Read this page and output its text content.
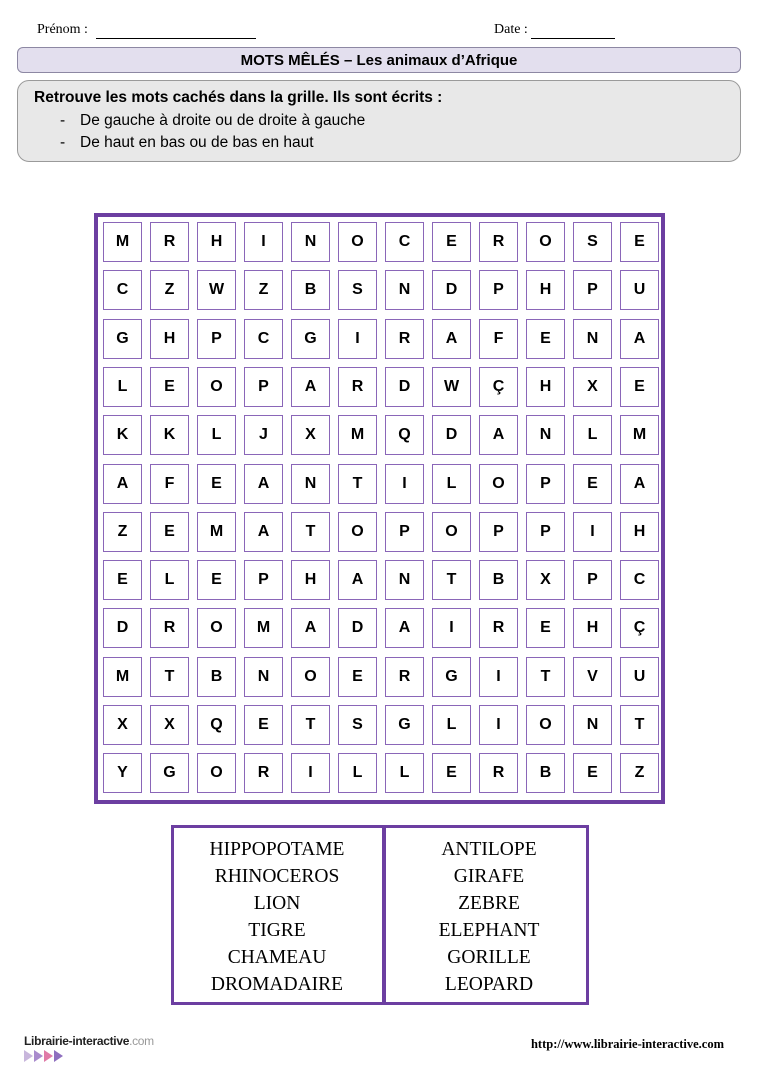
Prénom :	Date :
MOTS MÊLÉS – Les animaux d’Afrique
Retrouve les mots cachés dans la grille. Ils sont écrits :
- De gauche à droite ou de droite à gauche
- De haut en bas ou de bas en haut
M	R	H	I	N	O	C	E	R	O	S	E
C	Z	W	Z	B	S	N	D	P	H	P	U
G	H	P	C	G	I	R	A	F	E	N	A
L	E	O	P	A	R	D	W	Ç	H	X	E
K	K	L	J	X	M	Q	D	A	N	L	M
A	F	E	A	N	T	I	L	O	P	E	A
Z	E	M	A	T	O	P	O	P	P	I	H
E	L	E	P	H	A	N	T	B	X	P	C
D	R	O	M	A	D	A	I	R	E	H	Ç
M	T	B	N	O	E	R	G	I	T	V	U
X	X	Q	E	T	S	G	L	I	O	N	T
Y	G	O	R	I	L	L	E	R	B	E	Z
HIPPOPOTAME
RHINOCEROS
LION
TIGRE
CHAMEAU
DROMADAIRE
ANTILOPE
GIRAFE
ZEBRE
ELEPHANT
GORILLE
LEOPARD
Librairie-interactive.com	http://www.librairie-interactive.com
